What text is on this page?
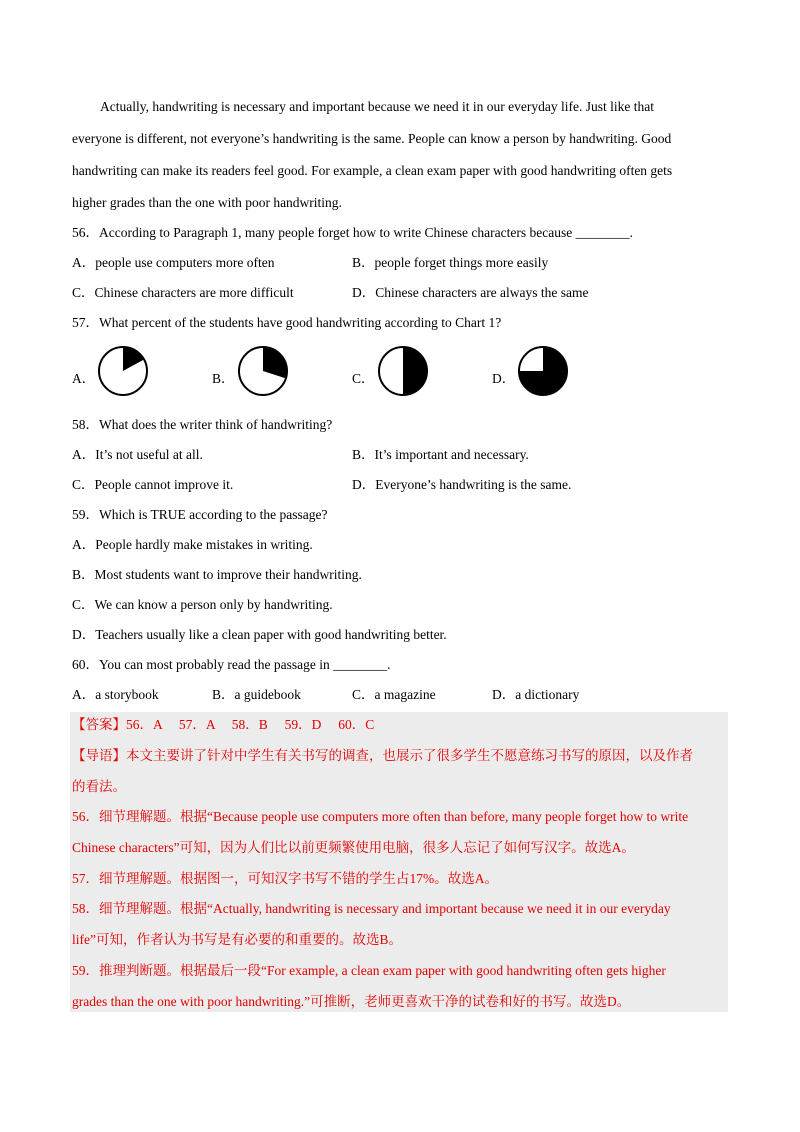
Actually, handwriting is necessary and important because we need it in our everyday life. Just like that
everyone is different, not everyone’s handwriting is the same. People can know a person by handwriting. Good
handwriting can make its readers feel good. For example, a clean exam paper with good handwriting often gets
higher grades than the one with poor handwriting.
56．According to Paragraph 1, many people forget how to write Chinese characters because ________.
A．people use computers more often	B．people forget things more easily
C．Chinese characters are more difficult	D．Chinese characters are always the same
57．What percent of the students have good handwriting according to Chart 1?
A．	B．	C．	D．
58．What does the writer think of handwriting?
A．It’s not useful at all.	B．It’s important and necessary.
C．People cannot improve it.	D．Everyone’s handwriting is the same.
59．Which is TRUE according to the passage?
A．People hardly make mistakes in writing.
B．Most students want to improve their handwriting.
C．We can know a person only by handwriting.
D．Teachers usually like a clean paper with good handwriting better.
60．You can most probably read the passage in ________.
A．a storybook	B．a guidebook	C．a magazine	D．a dictionary
【答案】56．A　 57．A　 58．B　 59．D　 60．C
【导语】本文主要讲了针对中学生有关书写的调查，也展示了很多学生不愿意练习书写的原因，以及作者
的看法。
56．细节理解题。根据“Because people use computers more often than before, many people forget how to write
Chinese characters”可知，因为人们比以前更频繁使用电脑，很多人忘记了如何写汉字。故选A。
57．细节理解题。根据图一，可知汉字书写不错的学生占17%。故选A。
58．细节理解题。根据“Actually, handwriting is necessary and important because we need it in our everyday
life”可知，作者认为书写是有必要的和重要的。故选B。
59．推理判断题。根据最后一段“For example, a clean exam paper with good handwriting often gets higher
grades than the one with poor handwriting.”可推断，老师更喜欢干净的试卷和好的书写。故选D。
